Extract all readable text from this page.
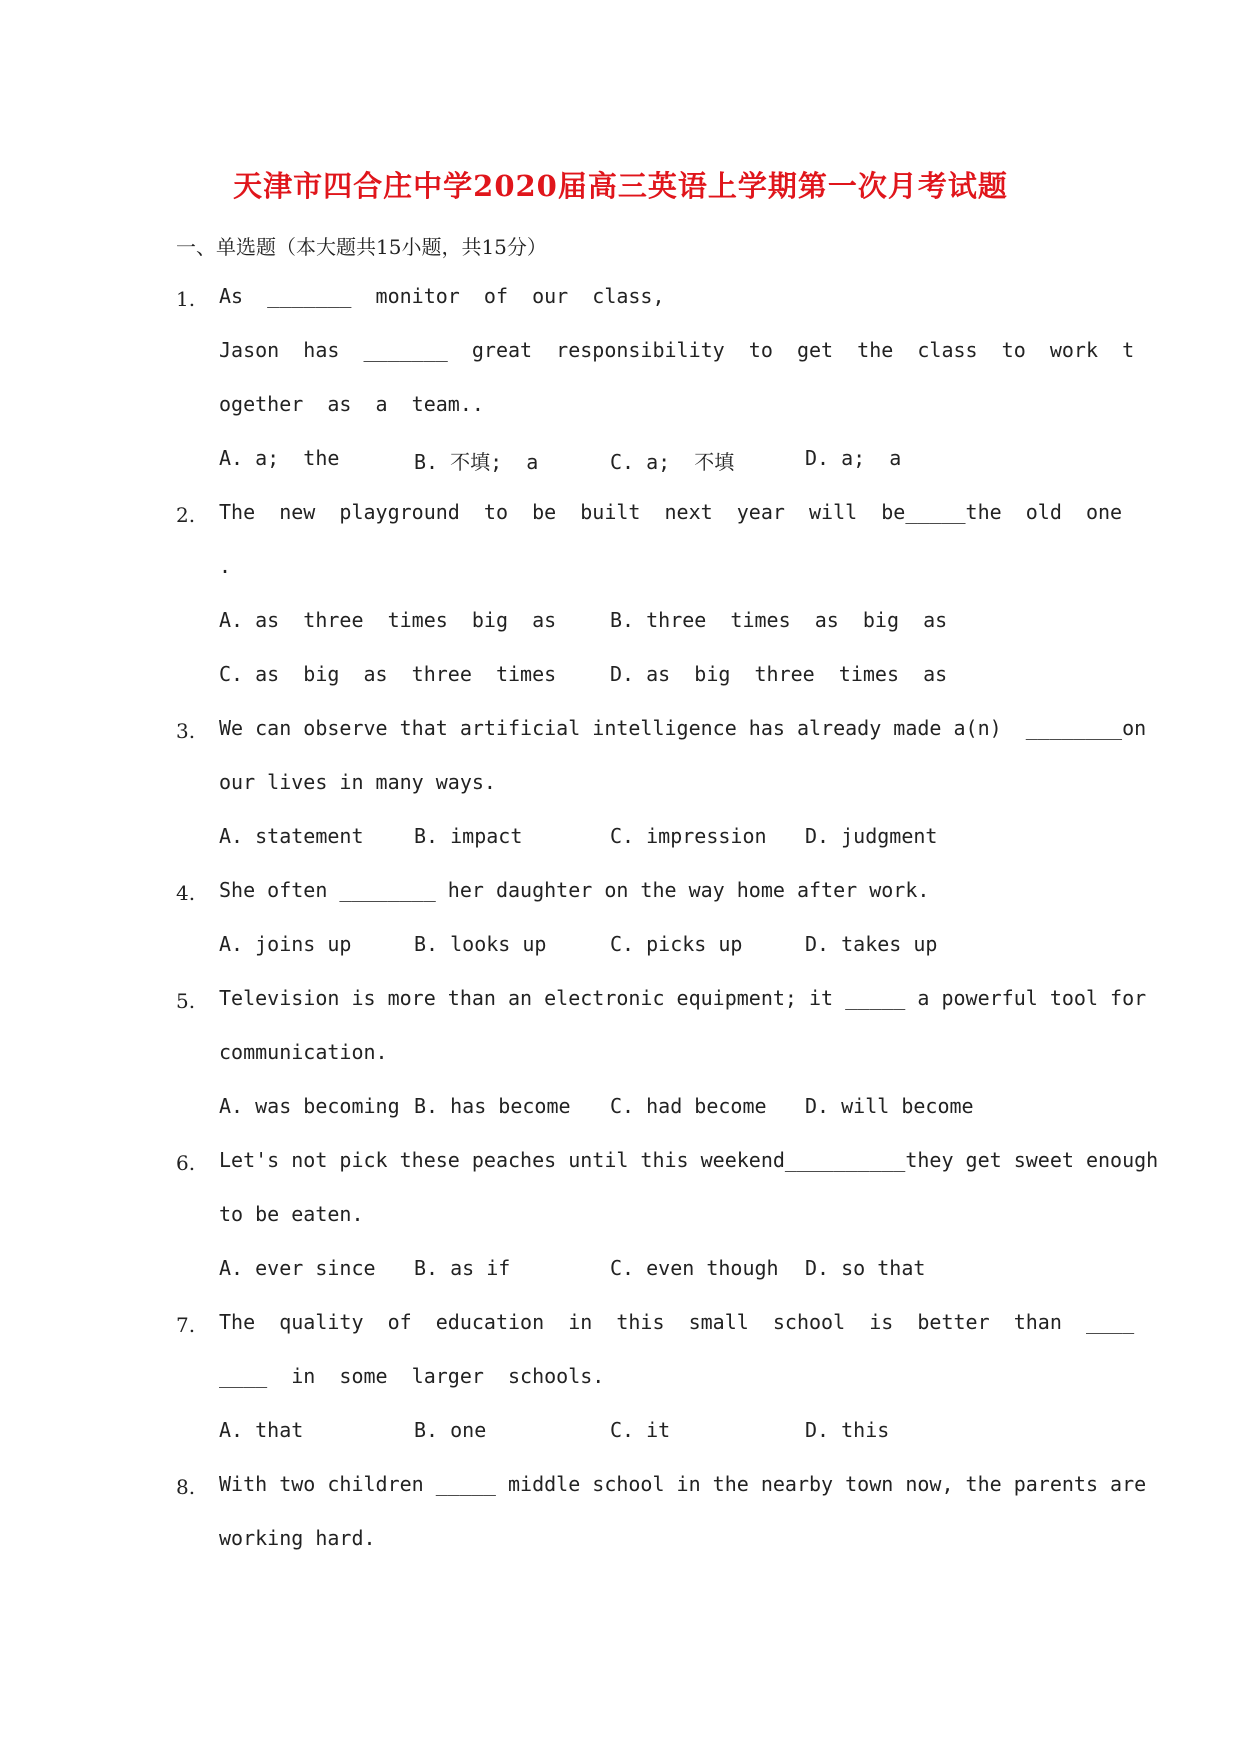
天津市四合庄中学2020届高三英语上学期第一次月考试题
一、单选题（本大题共15小题，共15分）
1. As  _______  monitor  of  our  class,
Jason  has  _______  great  responsibility  to  get  the  class  to  work  t
ogether  as  a  team..
A. a;  the	B. 不填;  a	C. a;  不填	D. a;  a
2. The  new  playground  to  be  built  next  year  will  be_____the  old  one
.
A. as  three  times  big  as	B. three  times  as  big  as
C. as  big  as  three  times	D. as  big  three  times  as
3. We can observe that artificial intelligence has already made a(n)  ________on
our lives in many ways.
A. statement	B. impact	C. impression D. judgment
4. She often ________ her daughter on the way home after work.
A. joins up	B. looks up	C. picks up	D. takes up
5. Television is more than an electronic equipment; it _____ a powerful tool for
communication.
A. was becoming B. has become C. had become D. will become
6. Let's not pick these peaches until this weekend__________they get sweet enough
to be eaten.
A. ever since B. as if	C. even though D. so that
7. The  quality  of  education  in  this  small  school  is  better  than  ____
____  in  some  larger  schools.
A. that	B. one	C. it	D. this
8. With two children _____ middle school in the nearby town now, the parents are
working hard.
